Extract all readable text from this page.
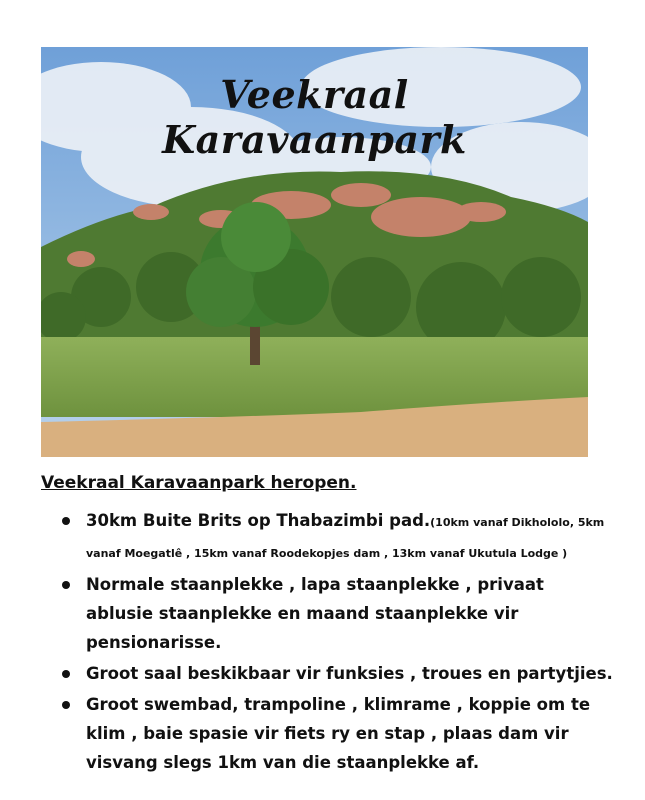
Veekraal
Karavaanpark
Veekraal Karavaanpark heropen.
30km Buite Brits op Thabazimbi pad.(10km vanaf Dikhololo, 5km vanaf Moegatlê , 15km vanaf Roodekopjes dam , 13km vanaf Ukutula Lodge )
Normale staanplekke , lapa staanplekke , privaat ablusie staanplekke en maand staanplekke vir pensionarisse.
Groot saal beskikbaar vir funksies , troues en partytjies.
Groot swembad, trampoline , klimrame , koppie om te klim , baie spasie vir fiets ry en stap , plaas dam vir visvang slegs 1km van die staanplekke af.
